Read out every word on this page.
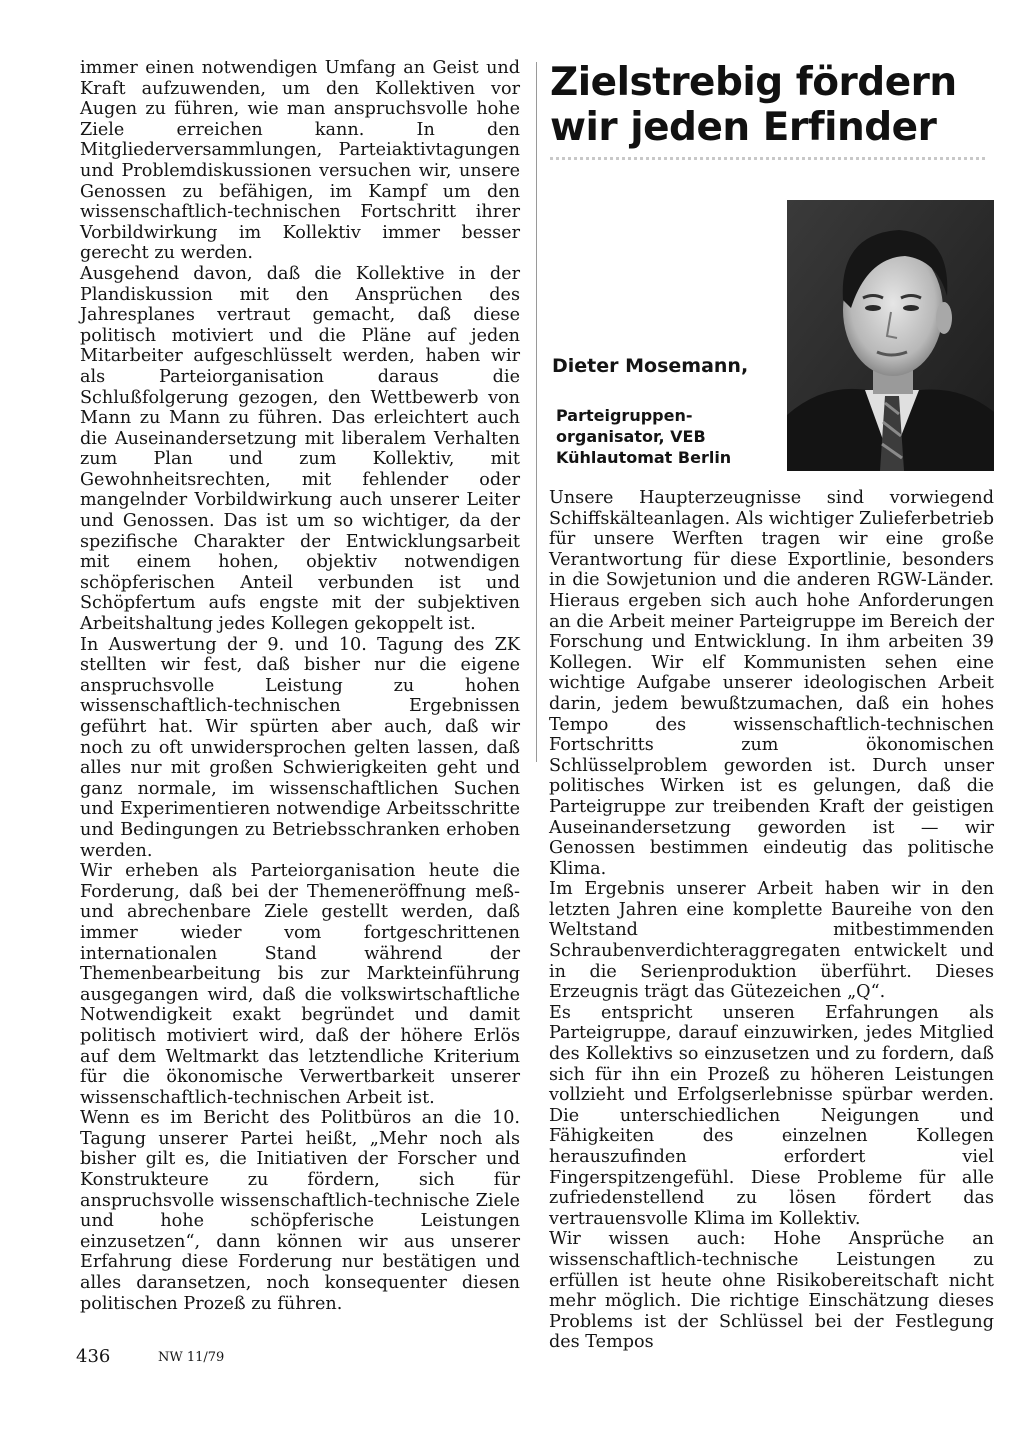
immer einen notwendigen Umfang an Geist und Kraft aufzuwenden, um den Kollektiven vor Augen zu führen, wie man anspruchsvolle hohe Ziele erreichen kann. In den Mitgliederversammlungen, Parteiaktivtagungen und Problemdiskussionen versuchen wir, unsere Genossen zu befähigen, im Kampf um den wissenschaftlich-technischen Fortschritt ihrer Vorbildwirkung im Kollektiv immer besser gerecht zu werden.

Ausgehend davon, daß die Kollektive in der Plandiskussion mit den Ansprüchen des Jahresplanes vertraut gemacht, daß diese politisch motiviert und die Pläne auf jeden Mitarbeiter aufgeschlüsselt werden, haben wir als Parteiorganisation daraus die Schlußfolgerung gezogen, den Wettbewerb von Mann zu Mann zu führen. Das erleichtert auch die Auseinandersetzung mit liberalem Verhalten zum Plan und zum Kollektiv, mit Gewohnheitsrechten, mit fehlender oder mangelnder Vorbildwirkung auch unserer Leiter und Genossen. Das ist um so wichtiger, da der spezifische Charakter der Entwicklungsarbeit mit einem hohen, objektiv notwendigen schöpferischen Anteil verbunden ist und Schöpfertum aufs engste mit der subjektiven Arbeitshaltung jedes Kollegen gekoppelt ist.

In Auswertung der 9. und 10. Tagung des ZK stellten wir fest, daß bisher nur die eigene anspruchsvolle Leistung zu hohen wissenschaftlich-technischen Ergebnissen geführt hat. Wir spürten aber auch, daß wir noch zu oft unwidersprochen gelten lassen, daß alles nur mit großen Schwierigkeiten geht und ganz normale, im wissenschaftlichen Suchen und Experimentieren notwendige Arbeitsschritte und Bedingungen zu Betriebsschranken erhoben werden.

Wir erheben als Parteiorganisation heute die Forderung, daß bei der Themeneröffnung meß- und abrechenbare Ziele gestellt werden, daß immer wieder vom fortgeschrittenen internationalen Stand während der Themenbearbeitung bis zur Markteinführung ausgegangen wird, daß die volkswirtschaftliche Notwendigkeit exakt begründet und damit politisch motiviert wird, daß der höhere Erlös auf dem Weltmarkt das letztendliche Kriterium für die ökonomische Verwertbarkeit unserer wissenschaftlich-technischen Arbeit ist.

Wenn es im Bericht des Politbüros an die 10. Tagung unserer Partei heißt, „Mehr noch als bisher gilt es, die Initiativen der Forscher und Konstrukteure zu fördern, sich für anspruchsvolle wissenschaftlich-technische Ziele und hohe schöpferische Leistungen einzusetzen“, dann können wir aus unserer Erfahrung diese Forderung nur bestätigen und alles daransetzen, noch konsequenter diesen politischen Prozeß zu führen.

Zielstrebig fördern
wir jeden Erfinder

Dieter Mosemann,

Parteigruppen-
organisator, VEB
Kühlautomat Berlin

Unsere Haupterzeugnisse sind vorwiegend Schiffskälteanlagen. Als wichtiger Zulieferbetrieb für unsere Werften tragen wir eine große Verantwortung für diese Exportlinie, besonders in die Sowjetunion und die anderen RGW-Länder. Hieraus ergeben sich auch hohe Anforderungen an die Arbeit meiner Parteigruppe im Bereich der Forschung und Entwicklung. In ihm arbeiten 39 Kollegen. Wir elf Kommunisten sehen eine wichtige Aufgabe unserer ideologischen Arbeit darin, jedem bewußtzumachen, daß ein hohes Tempo des wissenschaftlich-technischen Fortschritts zum ökonomischen Schlüsselproblem geworden ist. Durch unser politisches Wirken ist es gelungen, daß die Parteigruppe zur treibenden Kraft der geistigen Auseinandersetzung geworden ist — wir Genossen bestimmen eindeutig das politische Klima.

Im Ergebnis unserer Arbeit haben wir in den letzten Jahren eine komplette Baureihe von den Weltstand mitbestimmenden Schraubenverdichteraggregaten entwickelt und in die Serienproduktion überführt. Dieses Erzeugnis trägt das Gütezeichen „Q“.

Es entspricht unseren Erfahrungen als Parteigruppe, darauf einzuwirken, jedes Mitglied des Kollektivs so einzusetzen und zu fordern, daß sich für ihn ein Prozeß zu höheren Leistungen vollzieht und Erfolgserlebnisse spürbar werden. Die unterschiedlichen Neigungen und Fähigkeiten des einzelnen Kollegen herauszufinden erfordert viel Fingerspitzengefühl. Diese Probleme für alle zufriedenstellend zu lösen fördert das vertrauensvolle Klima im Kollektiv.

Wir wissen auch: Hohe Ansprüche an wissenschaftlich-technische Leistungen zu erfüllen ist heute ohne Risikobereitschaft nicht mehr möglich. Die richtige Einschätzung dieses Problems ist der Schlüssel bei der Festlegung des Tempos

436	NW 11/79
